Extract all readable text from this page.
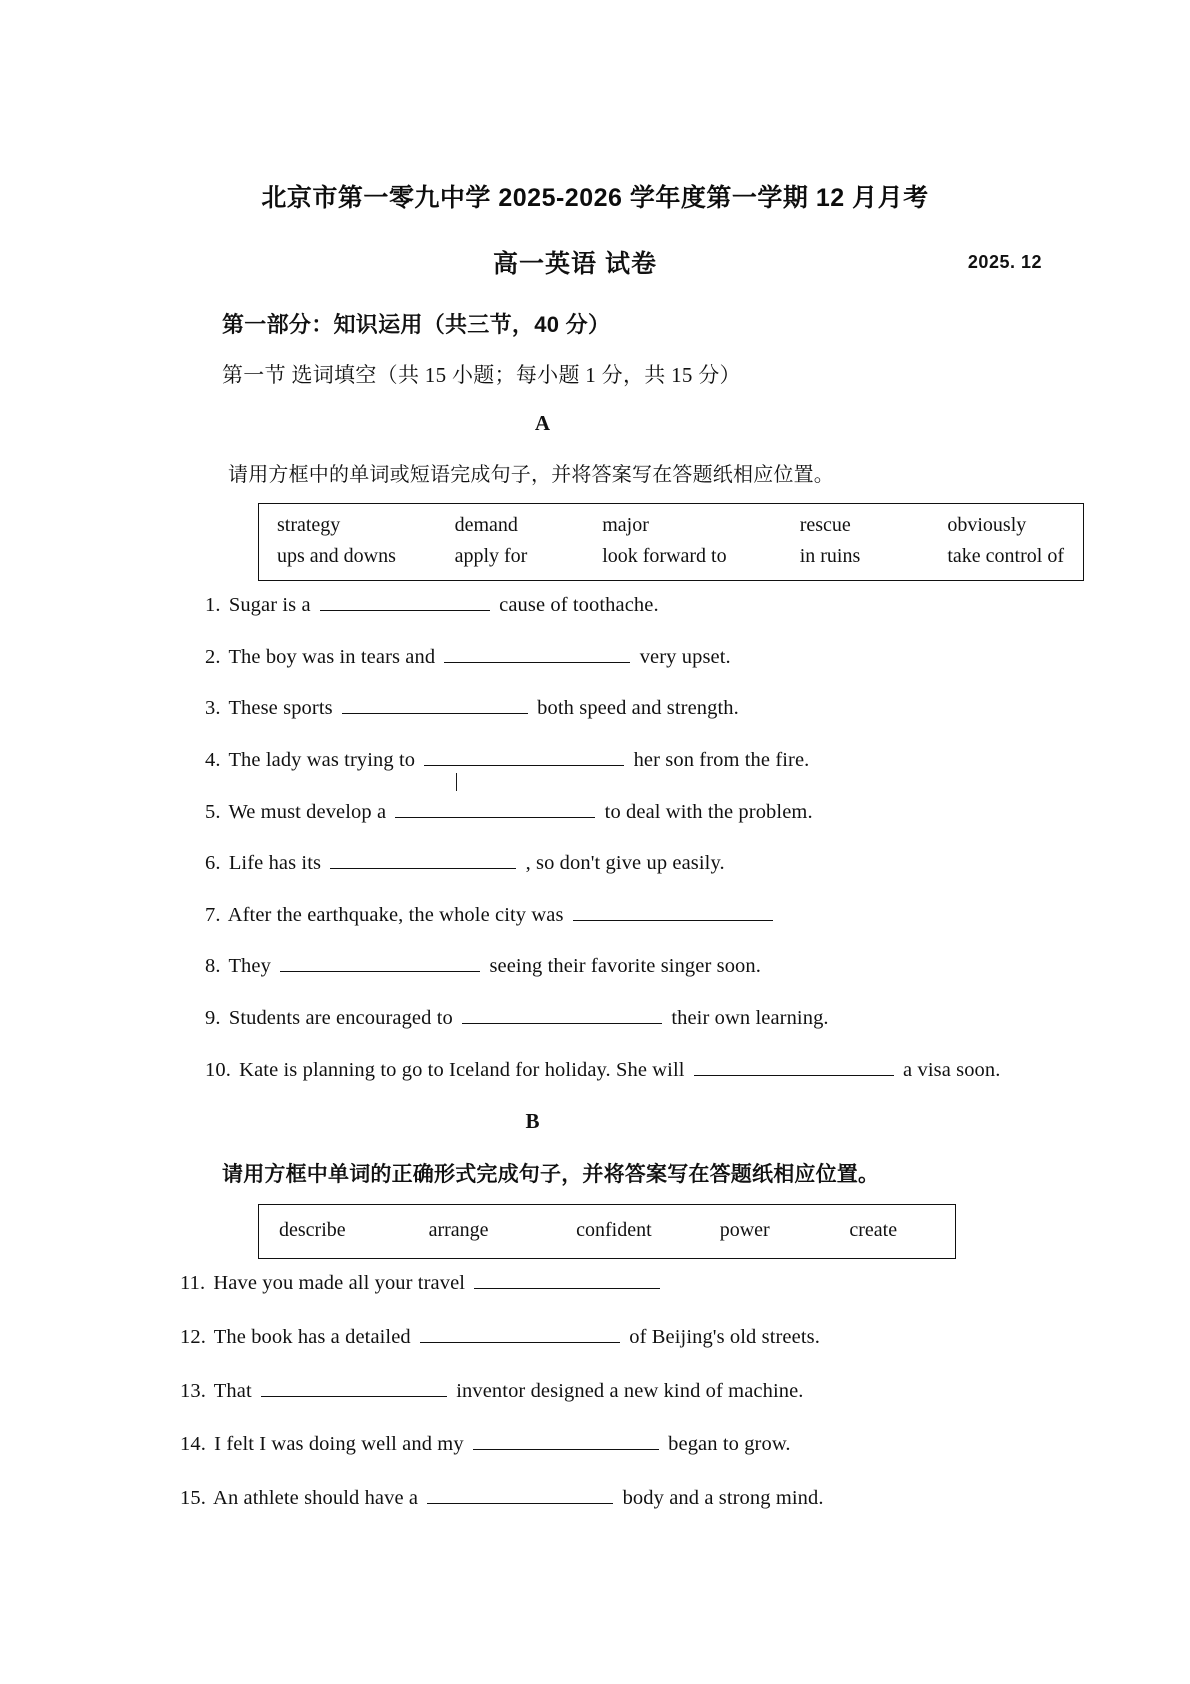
北京市第一零九中学 2025-2026 学年度第一学期 12 月月考
高一英语 试卷	2025. 12
第一部分：知识运用（共三节，40 分）
第一节 选词填空（共 15 小题；每小题 1 分，共 15 分）
A
请用方框中的单词或短语完成句子，并将答案写在答题纸相应位置。
strategy	demand	major	rescue	obviously
ups and downs	apply for	look forward to	in ruins	take control of
1. Sugar is a	cause of toothache.
2. The boy was in tears and	very upset.
3. These sports	both speed and strength.
4. The lady was trying to	her son from the fire.
5. We must develop a	to deal with the problem.
6. Life has its	, so don't give up easily.
7. After the earthquake, the whole city was
8. They	seeing their favorite singer soon.
9. Students are encouraged to	their own learning.
10. Kate is planning to go to Iceland for holiday. She will	a visa soon.
B
请用方框中单词的正确形式完成句子，并将答案写在答题纸相应位置。
describe	arrange	confident	power	create
11. Have you made all your travel
12. The book has a detailed	of Beijing's old streets.
13. That	inventor designed a new kind of machine.
14. I felt I was doing well and my	began to grow.
15. An athlete should have a	body and a strong mind.
